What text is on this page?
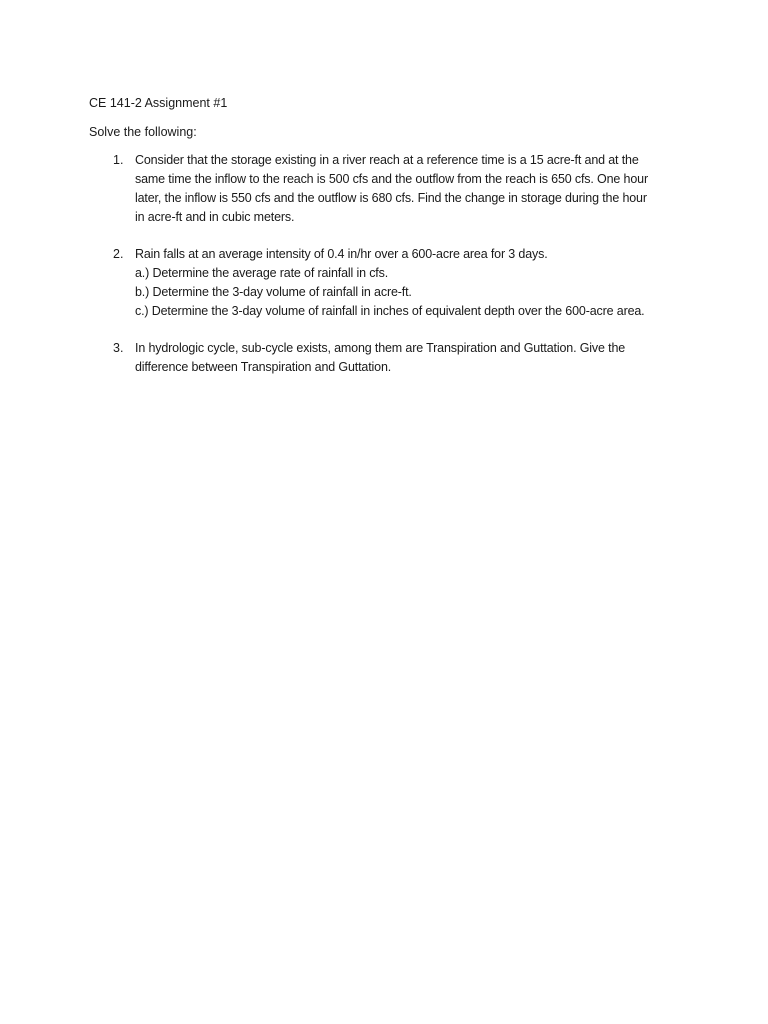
CE 141-2 Assignment #1
Solve the following:
1. Consider that the storage existing in a river reach at a reference time is a 15 acre-ft and at the
same time the inflow to the reach is 500 cfs and the outflow from the reach is 650 cfs. One hour
later, the inflow is 550 cfs and the outflow is 680 cfs. Find the change in storage during the hour
in acre-ft and in cubic meters.
2. Rain falls at an average intensity of 0.4 in/hr over a 600-acre area for 3 days.
a.) Determine the average rate of rainfall in cfs.
b.) Determine the 3-day volume of rainfall in acre-ft.
c.) Determine the 3-day volume of rainfall in inches of equivalent depth over the 600-acre area.
3. In hydrologic cycle, sub-cycle exists, among them are Transpiration and Guttation. Give the
difference between Transpiration and Guttation.
